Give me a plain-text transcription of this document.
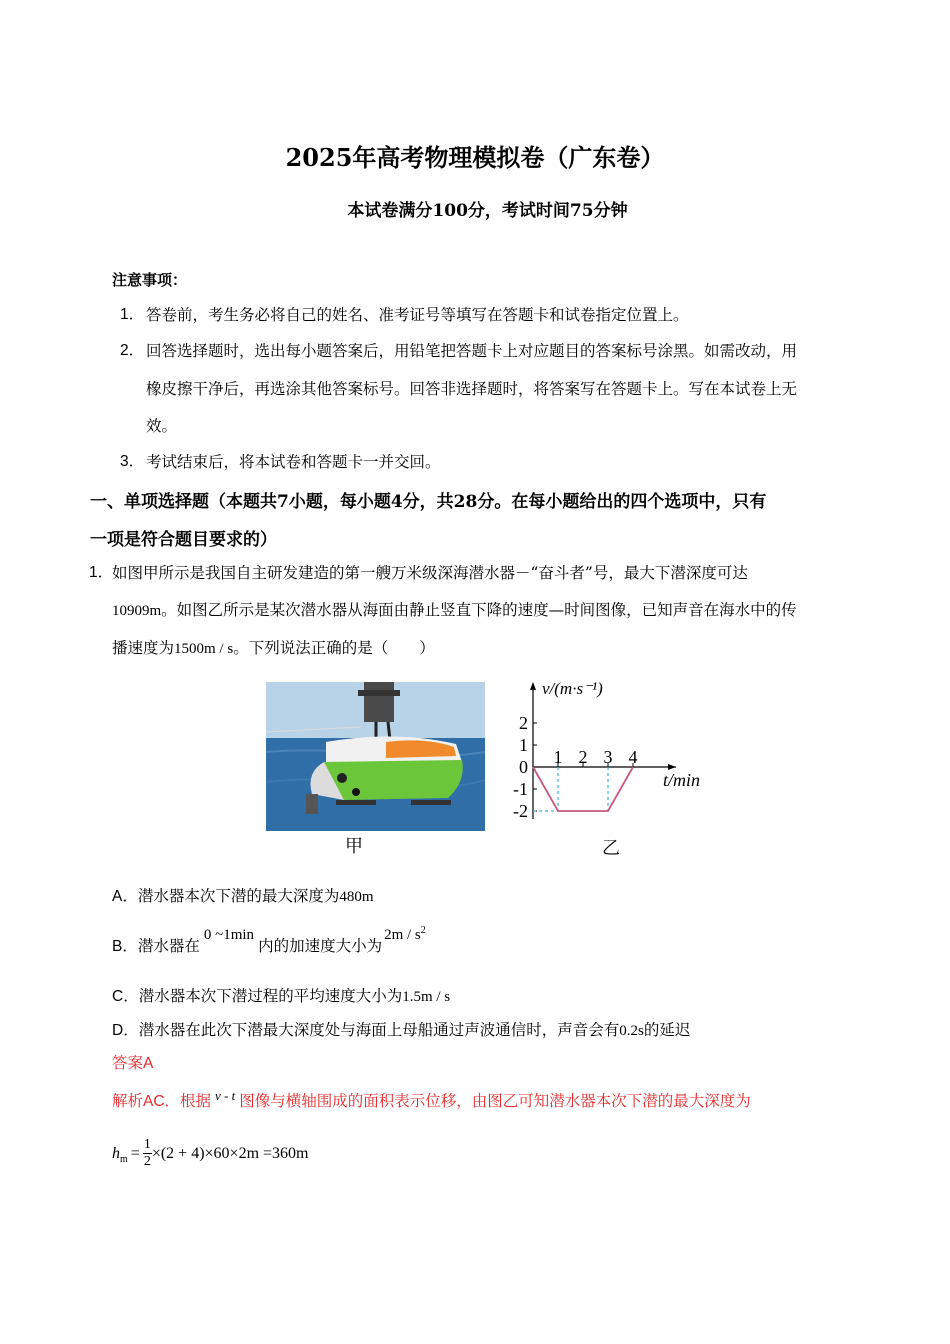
2025年高考物理模拟卷（广东卷）
本试卷满分100分，考试时间75分钟
注意事项：
1． 答卷前，考生务必将自己的姓名、准考证号等填写在答题卡和试卷指定位置上。
2． 回答选择题时，选出每小题答案后，用铅笔把答题卡上对应题目的答案标号涂黑。如需改动，用
橡皮擦干净后，再选涂其他答案标号。回答非选择题时，将答案写在答题卡上。写在本试卷上无
效。
3． 考试结束后，将本试卷和答题卡一并交回。
一、单项选择题（本题共7小题，每小题4分，共28分。在每小题给出的四个选项中，只有
一项是符合题目要求的）
1．
如图甲所示是我国自主研发建造的第一艘万米级深海潜水器－“奋斗者”号，最大下潜深度可达
10909m。如图乙所示是某次潜水器从海面由静止竖直下降的速度—时间图像，已知声音在海水中的传
播速度为1500m / s。下列说法正确的是（　　）
甲
1 2 3 4
2
1
0
-1
-2
v/(m·s⁻¹)
t/min
乙
A．潜水器本次下潜的最大深度为480m
B．潜水器在0 ~1min内的加速度大小为$2m / s^2$
C．潜水器本次下潜过程的平均速度大小为1.5m / s
D．潜水器在此次下潜最大深度处与海面上母船通过声波通信时，声音会有0.2s的延迟
答案A
解析AC．根据 $^{v - t}$ 图像与横轴围成的面积表示位移，由图乙可知潜水器本次下潜的最大深度为
hm = $\frac{1}{2} \times(2 + 4)\times 60\times 2m =360m$
